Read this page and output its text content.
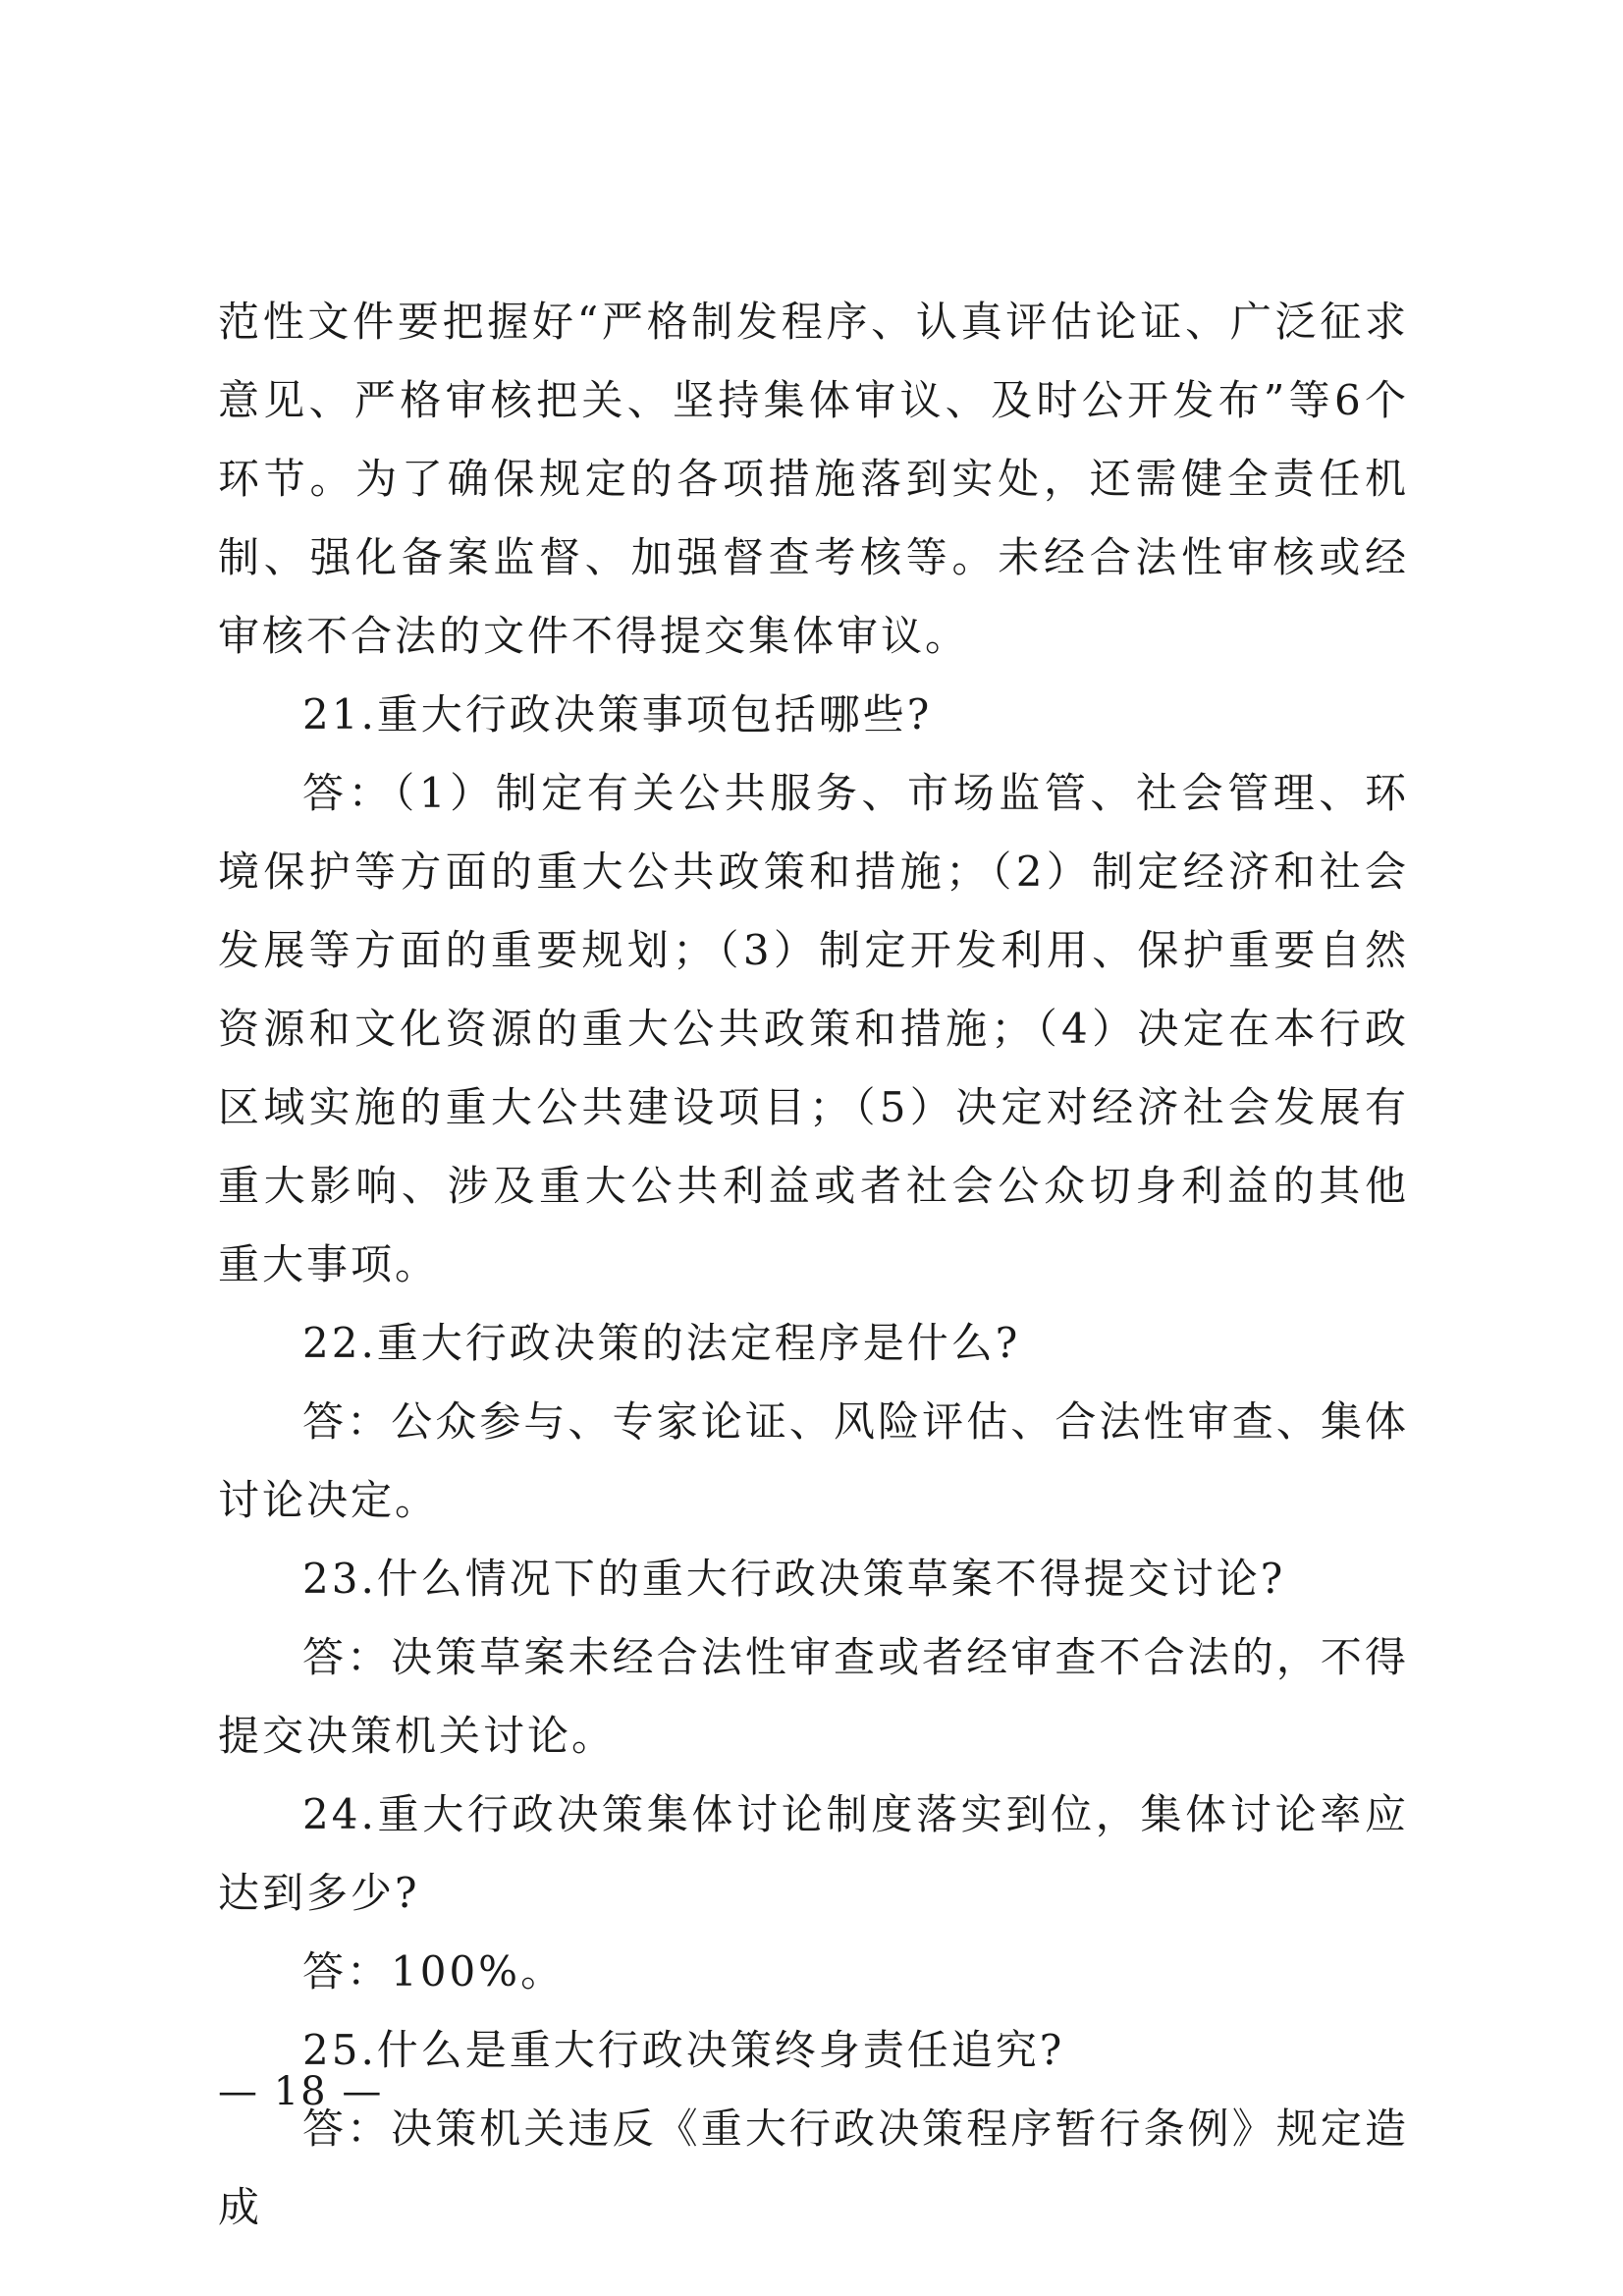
范性文件要把握好“严格制发程序、认真评估论证、广泛征求意见、严格审核把关、坚持集体审议、及时公开发布”等6个环节。为了确保规定的各项措施落到实处，还需健全责任机制、强化备案监督、加强督查考核等。未经合法性审核或经审核不合法的文件不得提交集体审议。

21.重大行政决策事项包括哪些?

答：（1）制定有关公共服务、市场监管、社会管理、环境保护等方面的重大公共政策和措施；（2）制定经济和社会发展等方面的重要规划；（3）制定开发利用、保护重要自然资源和文化资源的重大公共政策和措施；（4）决定在本行政区域实施的重大公共建设项目；（5）决定对经济社会发展有重大影响、涉及重大公共利益或者社会公众切身利益的其他重大事项。

22.重大行政决策的法定程序是什么?

答：公众参与、专家论证、风险评估、合法性审查、集体讨论决定。

23.什么情况下的重大行政决策草案不得提交讨论?

答：决策草案未经合法性审查或者经审查不合法的，不得提交决策机关讨论。

24.重大行政决策集体讨论制度落实到位，集体讨论率应达到多少?

答：100%。

25.什么是重大行政决策终身责任追究?

答：决策机关违反《重大行政决策程序暂行条例》规定造成

— 18 —
